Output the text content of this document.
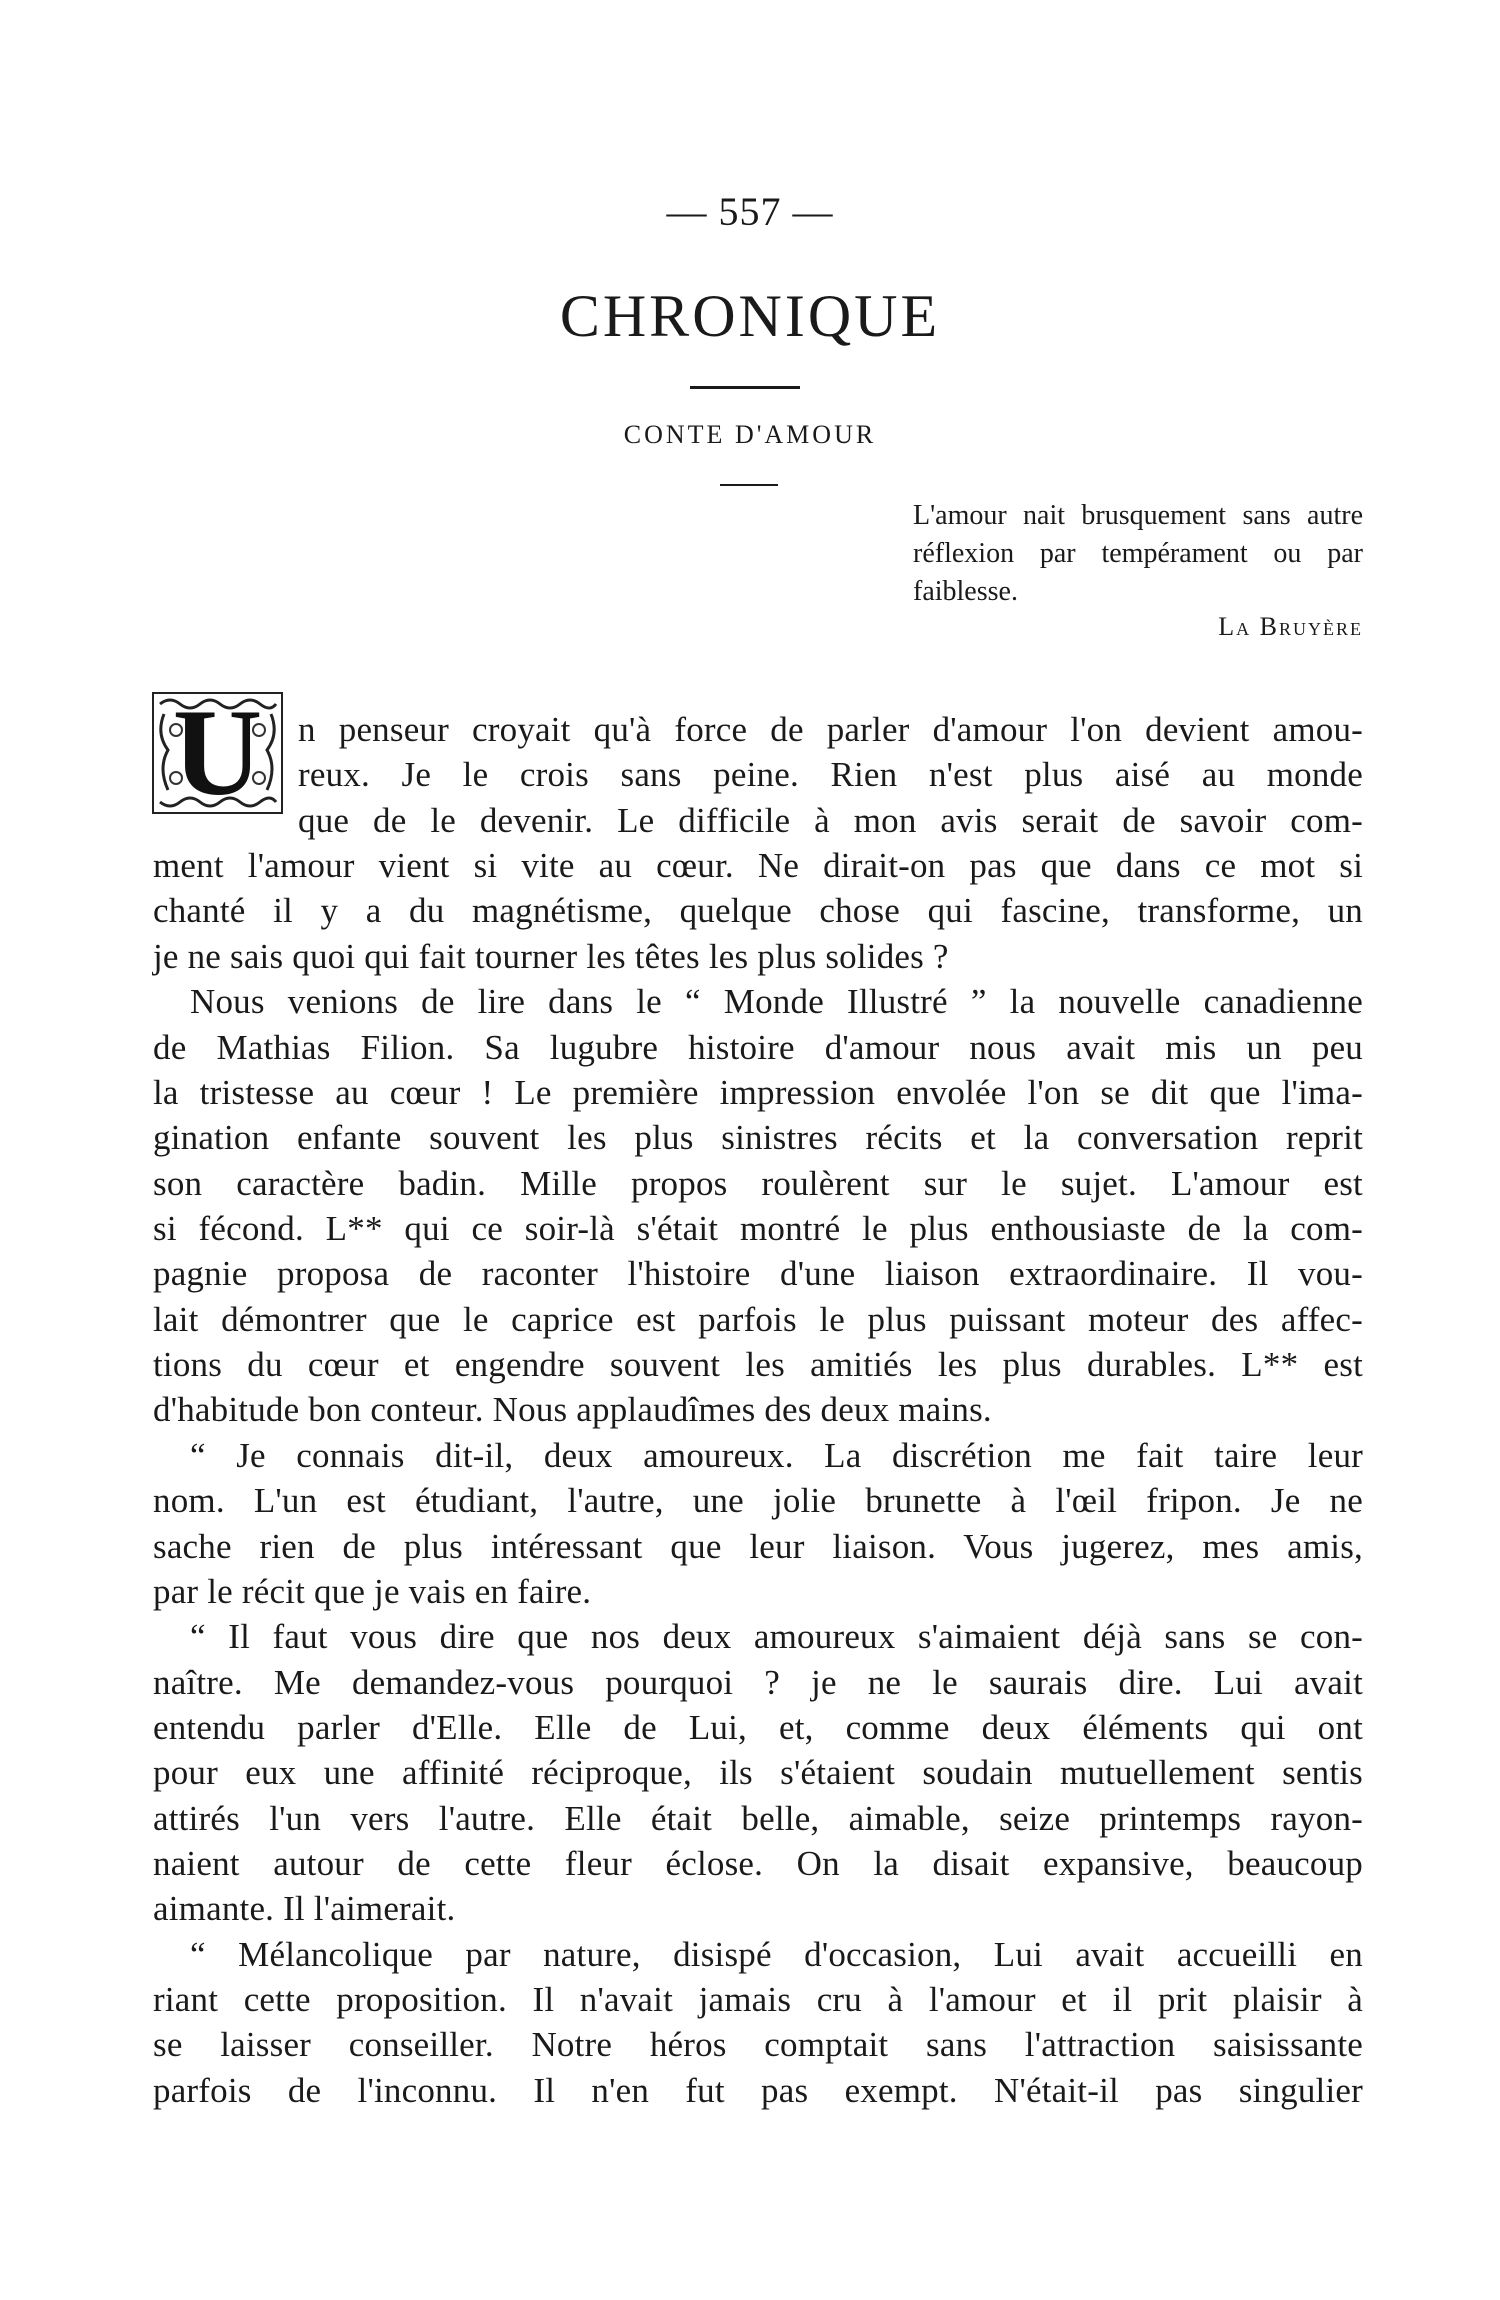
— 557 —
CHRONIQUE
CONTE D'AMOUR
L'amour nait brusquement sans autre réflexion par tempérament ou par faiblesse.
La Bruyère
U	n penseur croyait qu'à force de parler d'amour l'on devient amou-
reux. Je le crois sans peine. Rien n'est plus aisé au monde
que de le devenir. Le difficile à mon avis serait de savoir com-
ment l'amour vient si vite au cœur. Ne dirait-on pas que dans ce mot si
chanté il y a du magnétisme, quelque chose qui fascine, transforme, un
je ne sais quoi qui fait tourner les têtes les plus solides ?
Nous venions de lire dans le “ Monde Illustré ” la nouvelle canadienne
de Mathias Filion. Sa lugubre histoire d'amour nous avait mis un peu
la tristesse au cœur ! Le première impression envolée l'on se dit que l'ima-
gination enfante souvent les plus sinistres récits et la conversation reprit
son caractère badin. Mille propos roulèrent sur le sujet. L'amour est
si fécond. L** qui ce soir-là s'était montré le plus enthousiaste de la com-
pagnie proposa de raconter l'histoire d'une liaison extraordinaire. Il vou-
lait démontrer que le caprice est parfois le plus puissant moteur des affec-
tions du cœur et engendre souvent les amitiés les plus durables. L** est
d'habitude bon conteur. Nous applaudîmes des deux mains.
“ Je connais dit-il, deux amoureux. La discrétion me fait taire leur
nom. L'un est étudiant, l'autre, une jolie brunette à l'œil fripon. Je ne
sache rien de plus intéressant que leur liaison. Vous jugerez, mes amis,
par le récit que je vais en faire.
“ Il faut vous dire que nos deux amoureux s'aimaient déjà sans se con-
naître. Me demandez-vous pourquoi ? je ne le saurais dire. Lui avait
entendu parler d'Elle. Elle de Lui, et, comme deux éléments qui ont
pour eux une affinité réciproque, ils s'étaient soudain mutuellement sentis
attirés l'un vers l'autre. Elle était belle, aimable, seize printemps rayon-
naient autour de cette fleur éclose. On la disait expansive, beaucoup
aimante. Il l'aimerait.
“ Mélancolique par nature, disispé d'occasion, Lui avait accueilli en
riant cette proposition. Il n'avait jamais cru à l'amour et il prit plaisir à
se laisser conseiller. Notre héros comptait sans l'attraction saisissante
parfois de l'inconnu. Il n'en fut pas exempt. N'était-il pas singulier
